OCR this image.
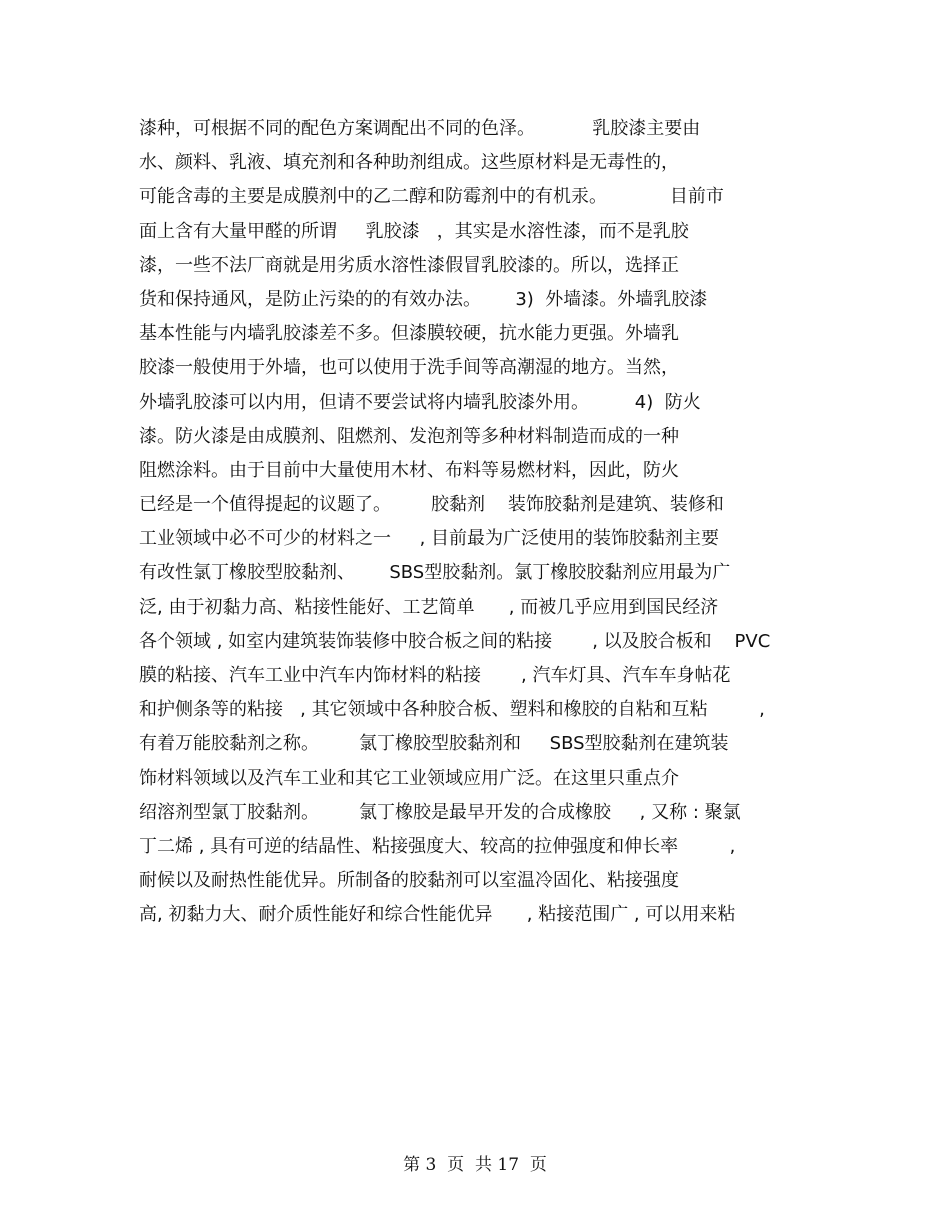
漆种，可根据不同的配色方案调配出不同的色泽。          乳胶漆主要由
水、颜料、乳液、填充剂和各种助剂组成。这些原材料是无毒性的，
可能含毒的主要是成膜剂中的乙二醇和防霉剂中的有机汞。           目前市
面上含有大量甲醛的所谓     乳胶漆   ，其实是水溶性漆，而不是乳胶
漆，一些不法厂商就是用劣质水溶性漆假冒乳胶漆的。所以，选择正
货和保持通风，是防止污染的的有效办法。      3)  外墙漆。外墙乳胶漆
基本性能与内墙乳胶漆差不多。但漆膜较硬，抗水能力更强。外墙乳
胶漆一般使用于外墙，也可以使用于洗手间等高潮湿的地方。当然，
外墙乳胶漆可以内用，但请不要尝试将内墙乳胶漆外用。        4)  防火
漆。防火漆是由成膜剂、阻燃剂、发泡剂等多种材料制造而成的一种
阻燃涂料。由于目前中大量使用木材、布料等易燃材料，因此，防火
已经是一个值得提起的议题了。       胶黏剂    装饰胶黏剂是建筑、装修和
工业领域中必不可少的材料之一     , 目前最为广泛使用的装饰胶黏剂主要
有改性氯丁橡胶型胶黏剂、      SBS型胶黏剂。氯丁橡胶胶黏剂应用最为广
泛, 由于初黏力高、粘接性能好、工艺简单      , 而被几乎应用到国民经济
各个领域 , 如室内建筑装饰装修中胶合板之间的粘接       , 以及胶合板和    PVC
膜的粘接、汽车工业中汽车内饰材料的粘接       , 汽车灯具、汽车车身帖花
和护侧条等的粘接   , 其它领域中各种胶合板、塑料和橡胶的自粘和互粘         ,
有着万能胶黏剂之称。       氯丁橡胶型胶黏剂和     SBS型胶黏剂在建筑装
饰材料领域以及汽车工业和其它工业领域应用广泛。在这里只重点介
绍溶剂型氯丁胶黏剂。       氯丁橡胶是最早开发的合成橡胶     , 又称 : 聚氯
丁二烯 , 具有可逆的结晶性、粘接强度大、较高的拉伸强度和伸长率         ,
耐候以及耐热性能优异。所制备的胶黏剂可以室温冷固化、粘接强度
高, 初黏力大、耐介质性能好和综合性能优异      , 粘接范围广 , 可以用来粘
第 3  页  共 17  页
